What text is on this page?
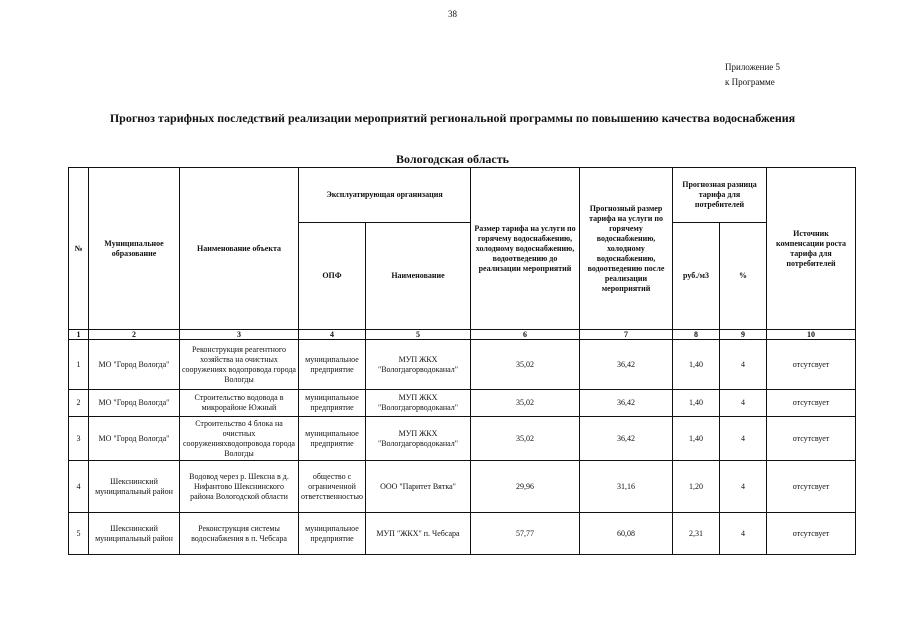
38
Приложение 5
к Программе
Прогноз тарифных последствий реализации мероприятий региональной программы по повышению качества водоснабжения
Вологодская область
№	Муниципальное образование	Наименование объекта	Эксплуатирующая организация		Размер тарифа на услуги по горячему водоснабжению, холодному водоснабжению, водоотведению до реализации мероприятий	Прогнозный размер тарифа на услуги по горячему водоснабжению, холодному водоснабжению, водоотведению после реализации мероприятий	Прогнозная разница тарифа для потребителей		Источник компенсации роста тарифа для потребителей
			ОПФ	Наименование			руб./м3	%	
1	2	3	4	5	6	7	8	9	10
1	МО "Город Вологда"	Реконструкция реагентного хозяйства на очистных сооружениях водопровода города Вологды	муниципальное предприятие	МУП ЖКХ "Вологдагорводоканал"	35,02	36,42	1,40	4	отсутсвует
2	МО "Город Вологда"	Строительство водовода в микрорайоне Южный	муниципальное предприятие	МУП ЖКХ "Вологдагорводоканал"	35,02	36,42	1,40	4	отсутсвует
3	МО "Город Вологда"	Строительство 4 блока на очистных сооруженияхводопровода города Вологды	муниципальное предприятие	МУП ЖКХ "Вологдагорводоканал"	35,02	36,42	1,40	4	отсутсвует
4	Шекснинский муниципальный район	Водовод через р. Шексна в д. Нифантово Шекснинского района Вологодской области	общество с ограниченной ответственностью	ООО "Паритет Вятка"	29,96	31,16	1,20	4	отсутсвует
5	Шекснинский муниципальный район	Реконструкция системы водоснабжения в п. Чебсара	муниципальное предприятие	МУП "ЖКХ" п. Чебсара	57,77	60,08	2,31	4	отсутсвует
